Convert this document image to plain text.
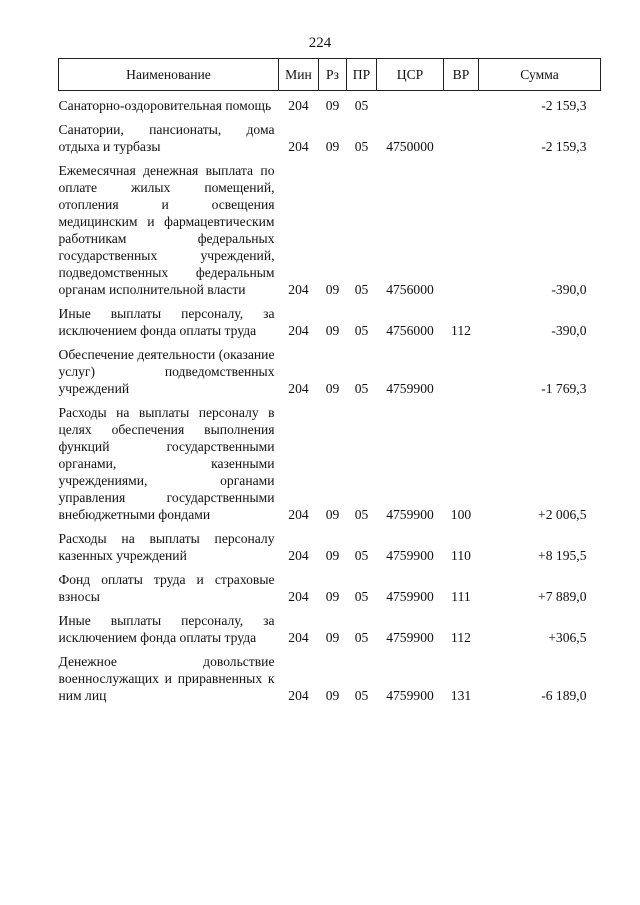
224
Наименование	Мин	Рз	ПР	ЦСР	ВР	Сумма
Санаторно-оздоровительная помощь	204	09	05			-2 159,3
Санатории, пансионаты, дома отдыха и турбазы	204	09	05	4750000		-2 159,3
Ежемесячная денежная выплата по оплате жилых помещений, отопления и освещения медицинским и фармацевтическим работникам федеральных государственных учреждений, подведомственных федеральным органам исполнительной власти	204	09	05	4756000		-390,0
Иные выплаты персоналу, за исключением фонда оплаты труда	204	09	05	4756000	112	-390,0
Обеспечение деятельности (оказание услуг) подведомственных учреждений	204	09	05	4759900		-1 769,3
Расходы на выплаты персоналу в целях обеспечения выполнения функций государственными органами, казенными учреждениями, органами управления государственными внебюджетными фондами	204	09	05	4759900	100	+2 006,5
Расходы на выплаты персоналу казенных учреждений	204	09	05	4759900	110	+8 195,5
Фонд оплаты труда и страховые взносы	204	09	05	4759900	111	+7 889,0
Иные выплаты персоналу, за исключением фонда оплаты труда	204	09	05	4759900	112	+306,5
Денежное довольствие военнослужащих и приравненных к ним лиц	204	09	05	4759900	131	-6 189,0
